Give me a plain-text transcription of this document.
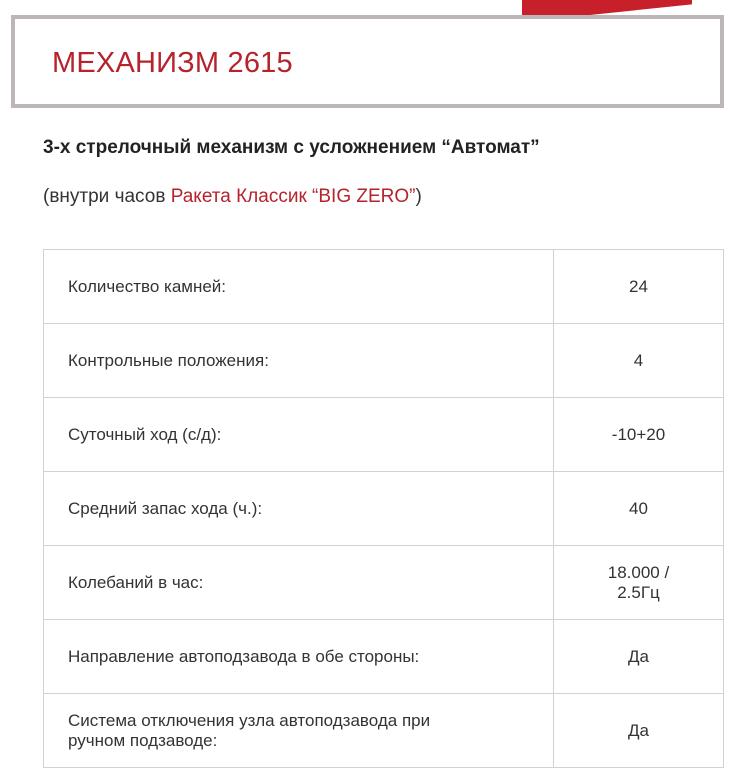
МЕХАНИЗМ 2615
3-х стрелочный механизм с усложнением “Автомат”
(внутри часов Ракета Классик “BIG ZERO”)
Количество камней:	24
Контрольные положения:	4
Суточный ход (с/д):	-10+20
Средний запас хода (ч.):	40
Колебаний в час:	18.000 /
2.5Гц
Направление автоподзавода в обе стороны:	Да
Система отключения узла автоподзавода при
ручном подзаводе:	Да
